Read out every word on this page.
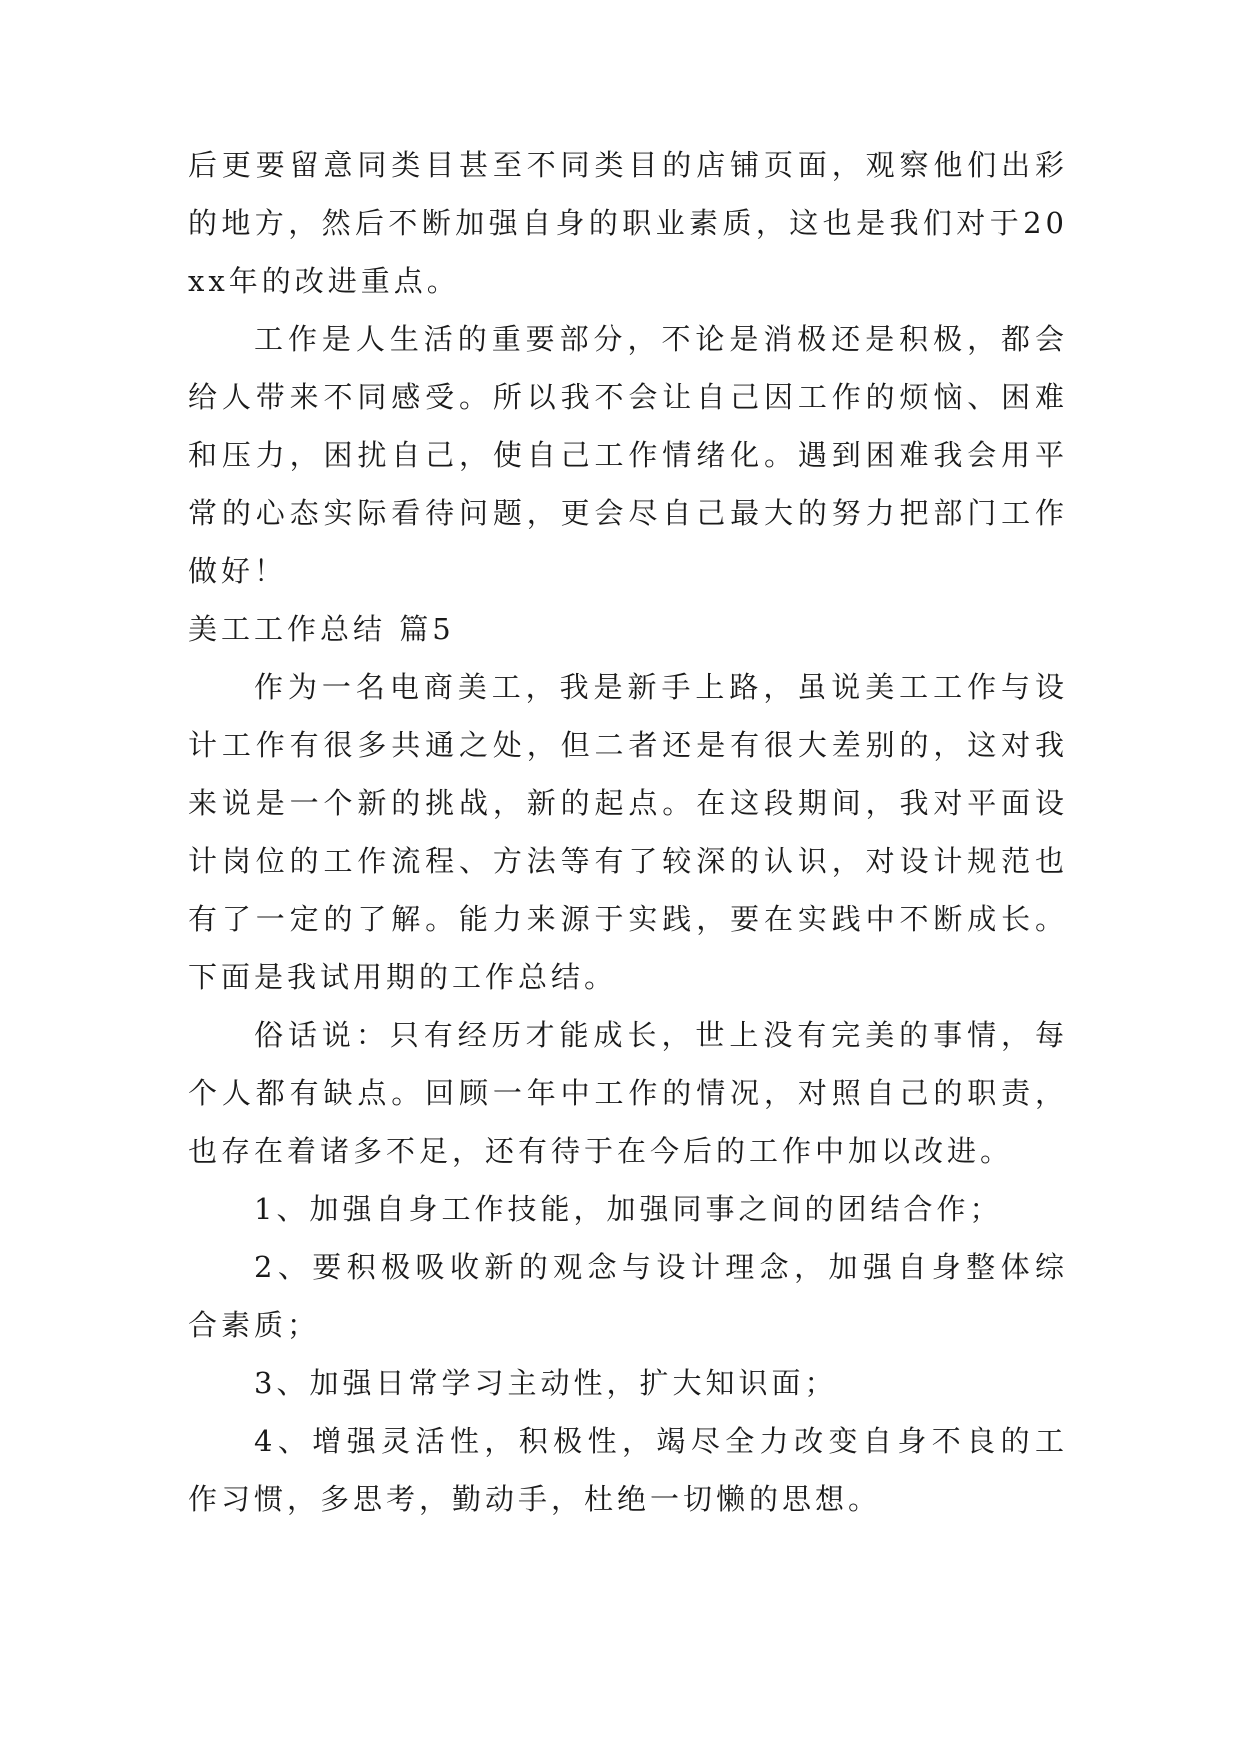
后更要留意同类目甚至不同类目的店铺页面，观察他们出彩的地方，然后不断加强自身的职业素质，这也是我们对于20xx年的改进重点。

工作是人生活的重要部分，不论是消极还是积极，都会给人带来不同感受。所以我不会让自己因工作的烦恼、困难和压力，困扰自己，使自己工作情绪化。遇到困难我会用平常的心态实际看待问题，更会尽自己最大的努力把部门工作做好！

美工工作总结 篇5

作为一名电商美工，我是新手上路，虽说美工工作与设计工作有很多共通之处，但二者还是有很大差别的，这对我来说是一个新的挑战，新的起点。在这段期间，我对平面设计岗位的工作流程、方法等有了较深的认识，对设计规范也有了一定的了解。能力来源于实践，要在实践中不断成长。下面是我试用期的工作总结。

俗话说：只有经历才能成长，世上没有完美的事情，每个人都有缺点。回顾一年中工作的情况，对照自己的职责，也存在着诸多不足，还有待于在今后的工作中加以改进。

1、加强自身工作技能，加强同事之间的团结合作；

2、要积极吸收新的观念与设计理念，加强自身整体综合素质；

3、加强日常学习主动性，扩大知识面；

4、增强灵活性，积极性，竭尽全力改变自身不良的工作习惯，多思考，勤动手，杜绝一切懒的思想。
